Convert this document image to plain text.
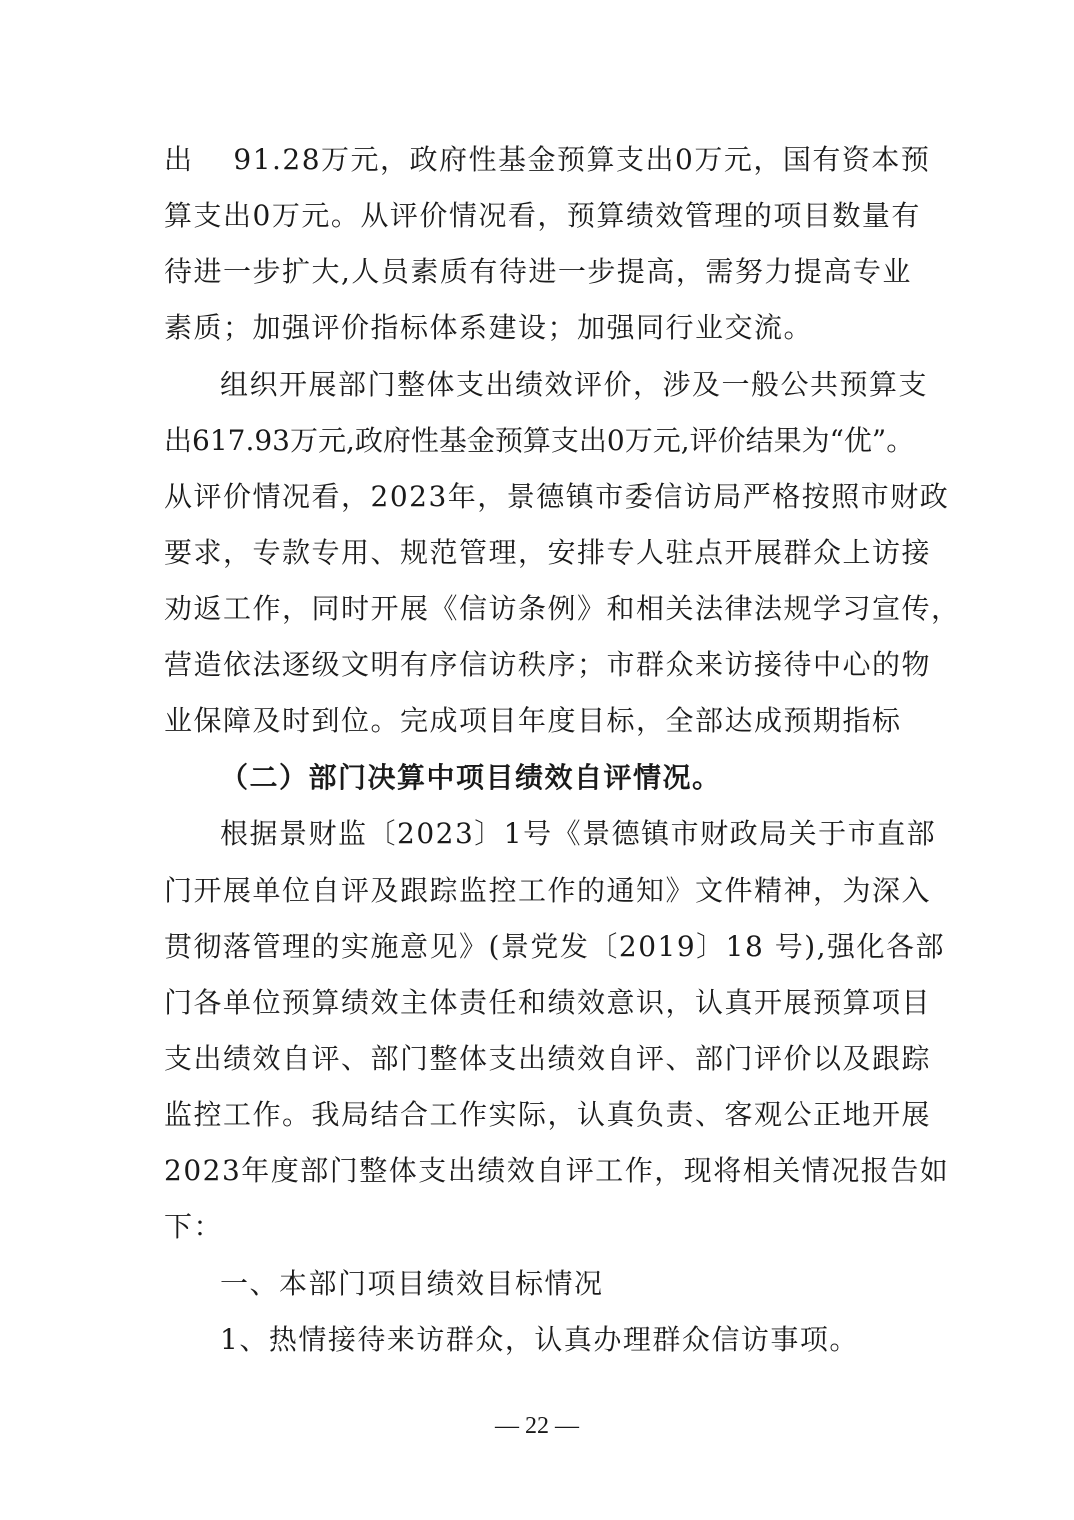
出　 91.28万元，政府性基金预算支出0万元，国有资本预
算支出0万元。从评价情况看，预算绩效管理的项目数量有
待进一步扩大,人员素质有待进一步提高，需努力提高专业
素质；加强评价指标体系建设；加强同行业交流。
组织开展部门整体支出绩效评价，涉及一般公共预算支
出617.93万元,政府性基金预算支出0万元,评价结果为“优”。
从评价情况看，2023年，景德镇市委信访局严格按照市财政
要求，专款专用、规范管理，安排专人驻点开展群众上访接
劝返工作，同时开展《信访条例》和相关法律法规学习宣传，
营造依法逐级文明有序信访秩序；市群众来访接待中心的物
业保障及时到位。完成项目年度目标，全部达成预期指标
（二）部门决算中项目绩效自评情况。
根据景财监〔2023〕1号《景德镇市财政局关于市直部
门开展单位自评及跟踪监控工作的通知》文件精神，为深入
贯彻落管理的实施意见》(景党发〔2019〕18 号),强化各部
门各单位预算绩效主体责任和绩效意识，认真开展预算项目
支出绩效自评、部门整体支出绩效自评、部门评价以及跟踪
监控工作。我局结合工作实际，认真负责、客观公正地开展
2023年度部门整体支出绩效自评工作，现将相关情况报告如
下：
一、本部门项目绩效目标情况
1、热情接待来访群众，认真办理群众信访事项。
— 22 —
